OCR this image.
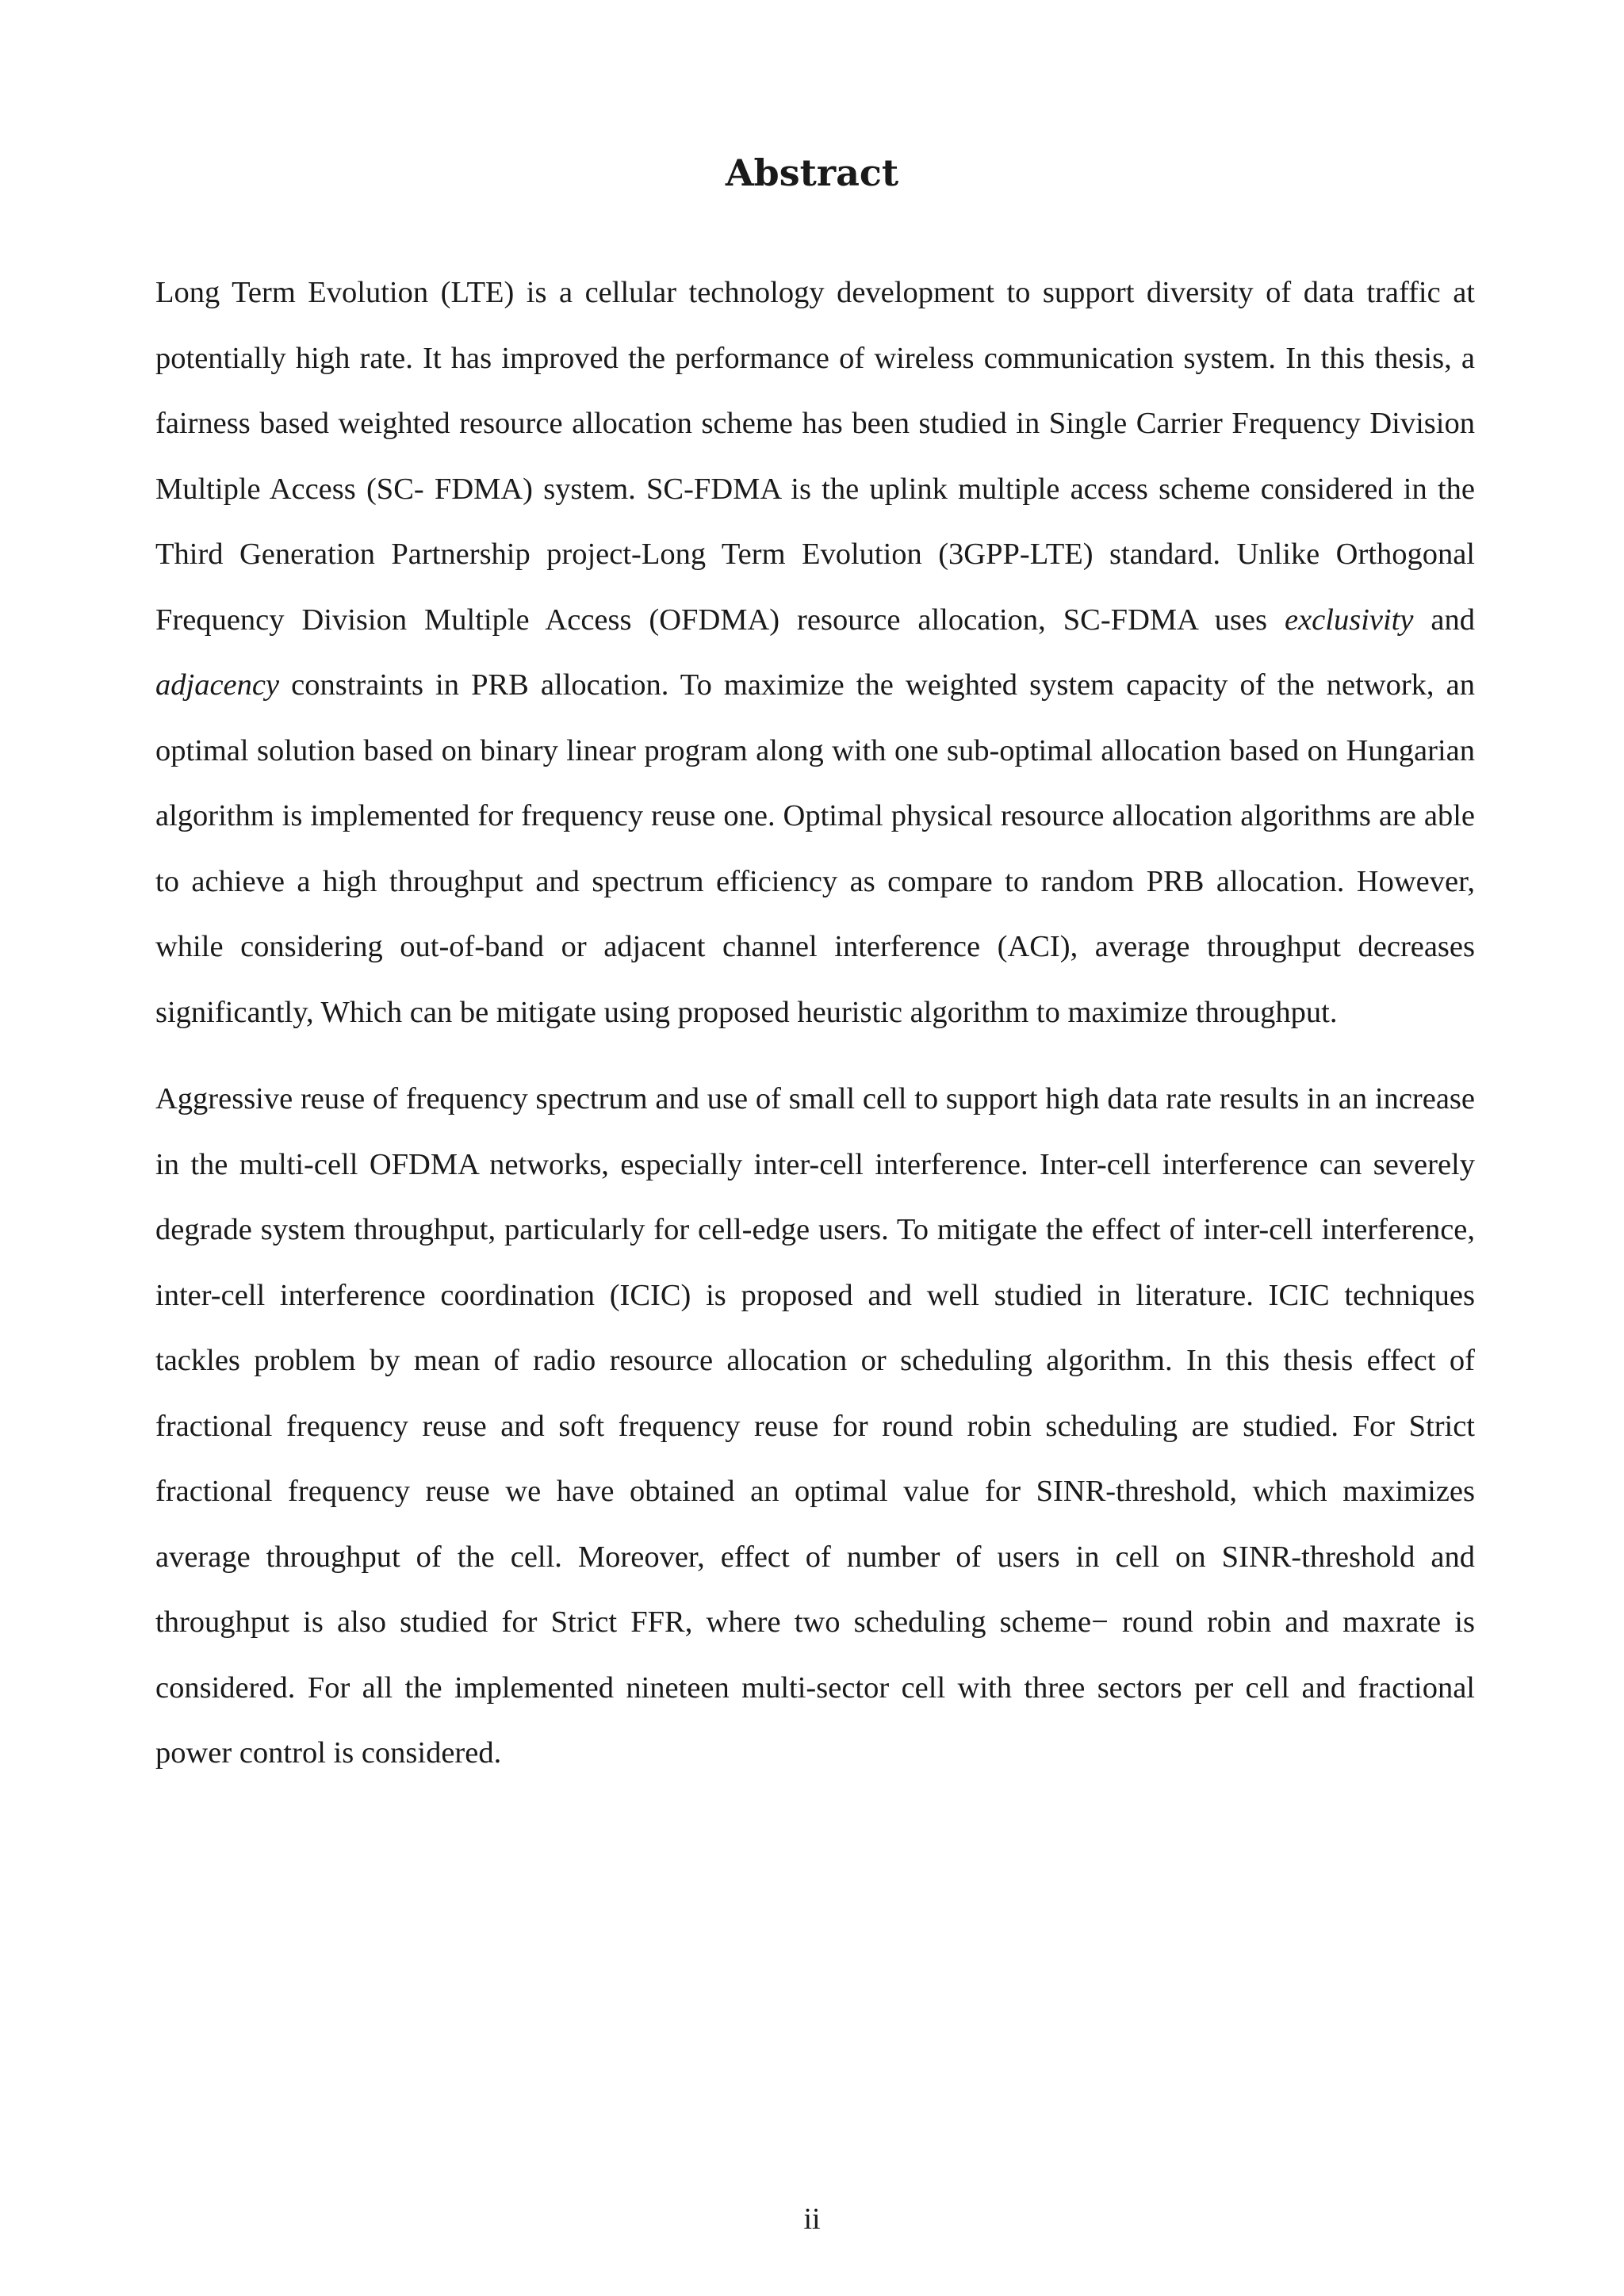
Abstract

Long Term Evolution (LTE) is a cellular technology development to support diversity of data traffic at potentially high rate. It has improved the performance of wireless communication system. In this thesis, a fairness based weighted resource allocation scheme has been studied in Single Carrier Frequency Division Multiple Access (SC- FDMA) system. SC-FDMA is the uplink multiple access scheme considered in the Third Generation Partnership project-Long Term Evolution (3GPP-LTE) standard. Unlike Orthogonal Frequency Division Multiple Access (OFDMA) resource allocation, SC-FDMA uses exclusivity and adjacency constraints in PRB allocation. To maximize the weighted system capacity of the network, an optimal solution based on binary linear program along with one sub-optimal allocation based on Hungarian algorithm is implemented for frequency reuse one. Optimal physical resource allocation algorithms are able to achieve a high throughput and spectrum efficiency as compare to random PRB allocation. However, while considering out-of-band or adjacent channel interference (ACI), average throughput decreases significantly, Which can be mitigate using proposed heuristic algorithm to maximize throughput.

Aggressive reuse of frequency spectrum and use of small cell to support high data rate results in an increase in the multi-cell OFDMA networks, especially inter-cell interference. Inter-cell interference can severely degrade system throughput, particularly for cell-edge users. To mitigate the effect of inter-cell interference, inter-cell interference coordination (ICIC) is proposed and well studied in literature. ICIC techniques tackles problem by mean of radio resource allocation or scheduling algorithm. In this thesis effect of fractional frequency reuse and soft frequency reuse for round robin scheduling are studied. For Strict fractional frequency reuse we have obtained an optimal value for SINR-threshold, which maximizes average throughput of the cell. Moreover, effect of number of users in cell on SINR-threshold and throughput is also studied for Strict FFR, where two scheduling scheme− round robin and maxrate is considered. For all the implemented nineteen multi-sector cell with three sectors per cell and fractional power control is considered.

ii
